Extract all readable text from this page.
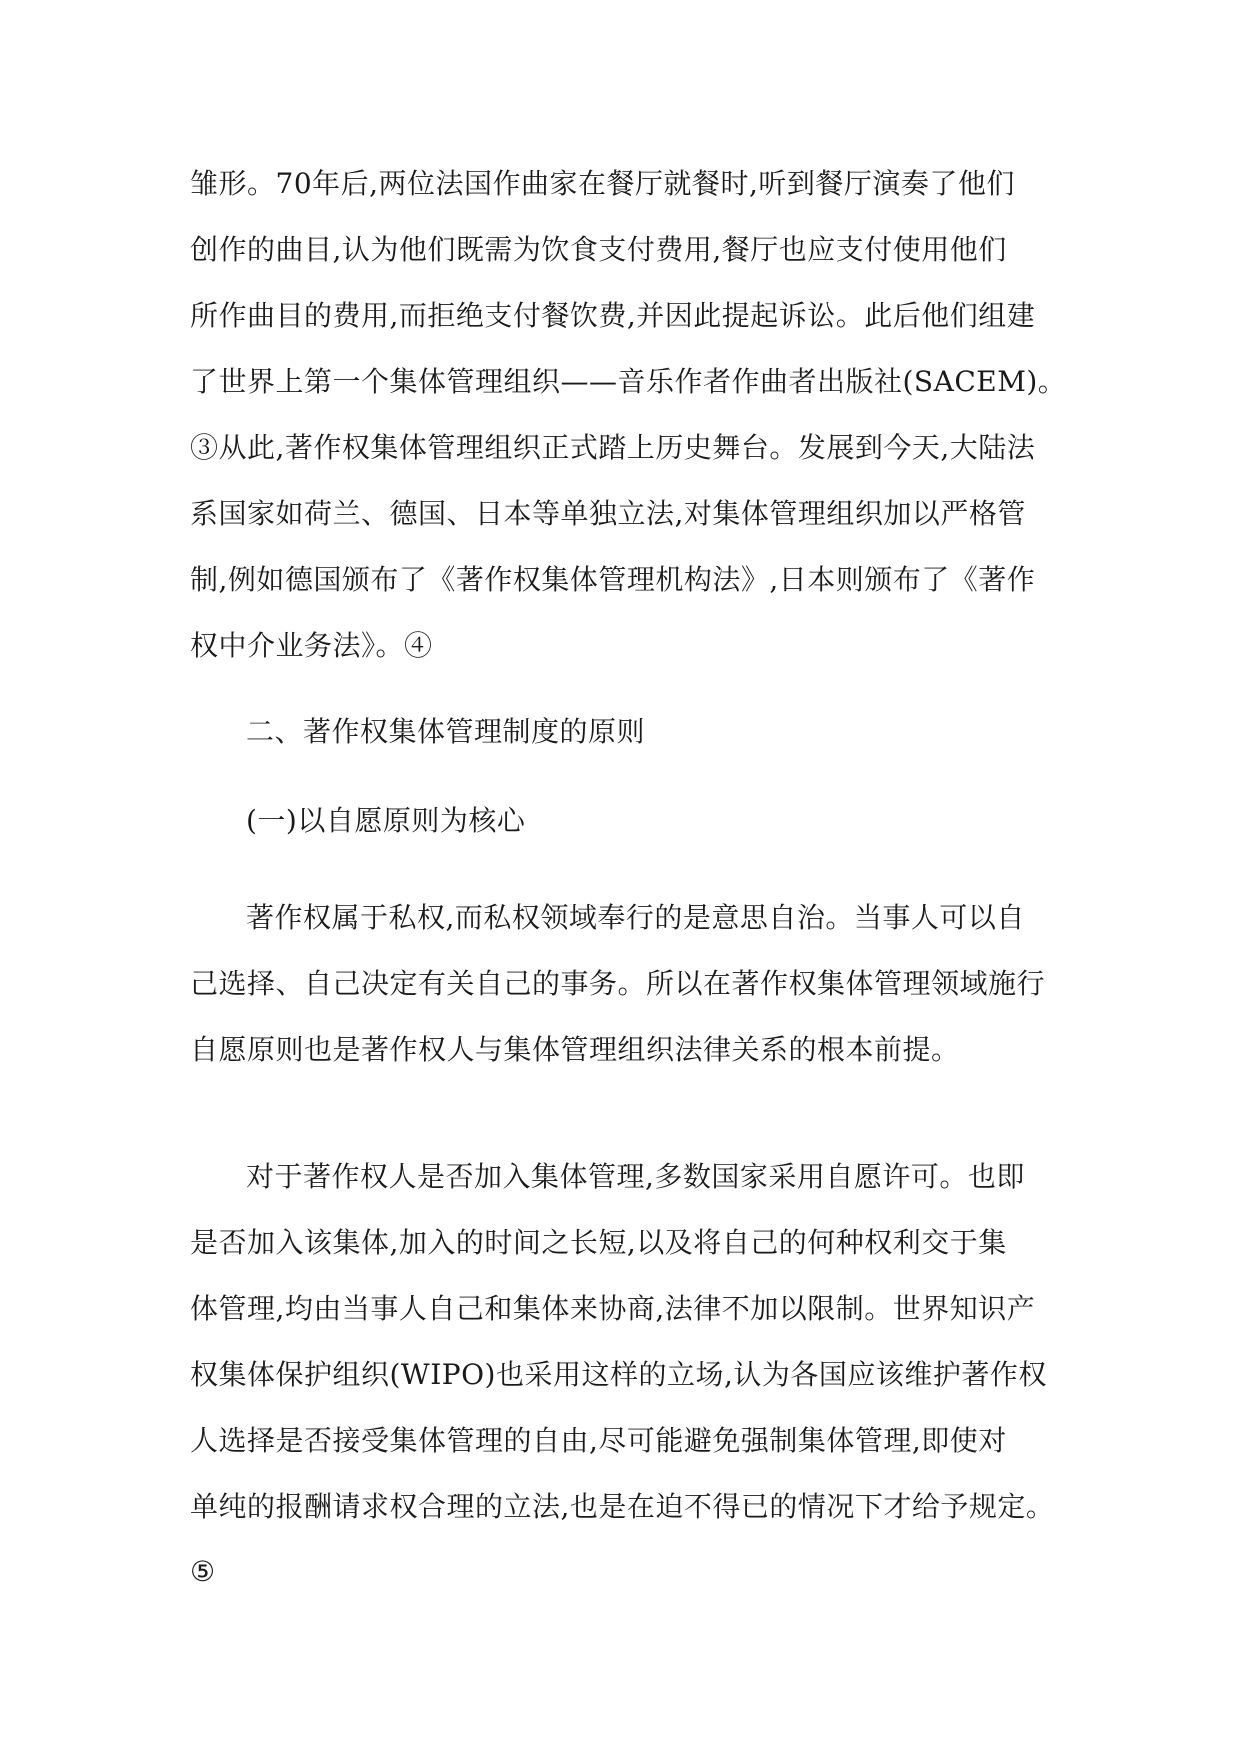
雏形。70年后,两位法国作曲家在餐厅就餐时,听到餐厅演奏了他们
创作的曲目,认为他们既需为饮食支付费用,餐厅也应支付使用他们
所作曲目的费用,而拒绝支付餐饮费,并因此提起诉讼。此后他们组建
了世界上第一个集体管理组织——音乐作者作曲者出版社(SACEM)。
③从此,著作权集体管理组织正式踏上历史舞台。发展到今天,大陆法
系国家如荷兰、德国、日本等单独立法,对集体管理组织加以严格管
制,例如德国颁布了《著作权集体管理机构法》,日本则颁布了《著作
权中介业务法》。④
二、著作权集体管理制度的原则
(一)以自愿原则为核心
著作权属于私权,而私权领域奉行的是意思自治。当事人可以自
己选择、自己决定有关自己的事务。所以在著作权集体管理领域施行
自愿原则也是著作权人与集体管理组织法律关系的根本前提。
对于著作权人是否加入集体管理,多数国家采用自愿许可。也即
是否加入该集体,加入的时间之长短,以及将自己的何种权利交于集
体管理,均由当事人自己和集体来协商,法律不加以限制。世界知识产
权集体保护组织(WIPO)也采用这样的立场,认为各国应该维护著作权
人选择是否接受集体管理的自由,尽可能避免强制集体管理,即使对
单纯的报酬请求权合理的立法,也是在迫不得已的情况下才给予规定。
⑤
